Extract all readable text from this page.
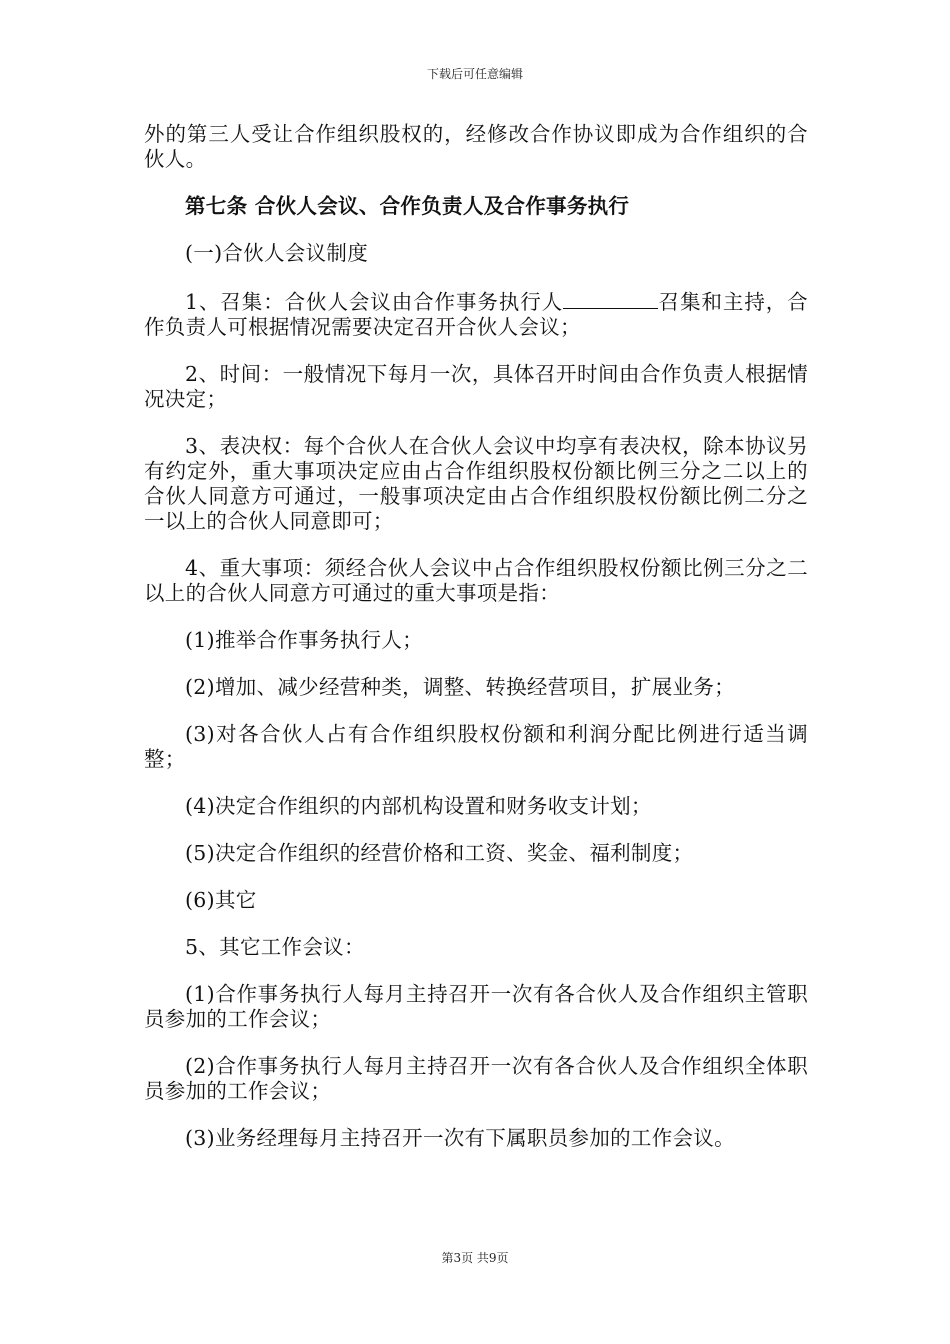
下载后可任意编辑

外的第三人受让合作组织股权的，经修改合作协议即成为合作组织的合伙人。

第七条 合伙人会议、合作负责人及合作事务执行

(一)合伙人会议制度

1、召集：合伙人会议由合作事务执行人	召集和主持，合作负责人可根据情况需要决定召开合伙人会议；

2、时间：一般情况下每月一次，具体召开时间由合作负责人根据情况决定；

3、表决权：每个合伙人在合伙人会议中均享有表决权，除本协议另有约定外，重大事项决定应由占合作组织股权份额比例三分之二以上的合伙人同意方可通过，一般事项决定由占合作组织股权份额比例二分之一以上的合伙人同意即可；

4、重大事项：须经合伙人会议中占合作组织股权份额比例三分之二以上的合伙人同意方可通过的重大事项是指：

(1)推举合作事务执行人；

(2)增加、减少经营种类，调整、转换经营项目，扩展业务；

(3)对各合伙人占有合作组织股权份额和利润分配比例进行适当调整；

(4)决定合作组织的内部机构设置和财务收支计划；

(5)决定合作组织的经营价格和工资、奖金、福利制度；

(6)其它

5、其它工作会议：

(1)合作事务执行人每月主持召开一次有各合伙人及合作组织主管职员参加的工作会议；

(2)合作事务执行人每月主持召开一次有各合伙人及合作组织全体职员参加的工作会议；

(3)业务经理每月主持召开一次有下属职员参加的工作会议。

第3页 共9页
